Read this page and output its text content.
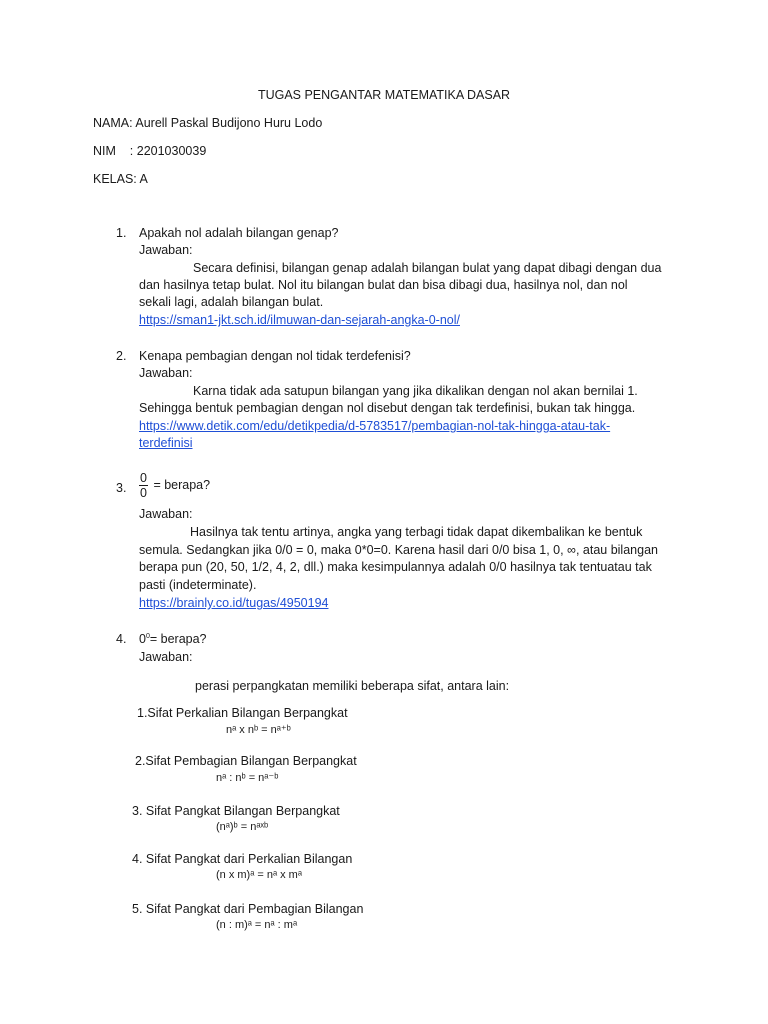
TUGAS PENGANTAR MATEMATIKA DASAR
NAMA: Aurell Paskal Budijono Huru Lodo
NIM    : 2201030039
KELAS: A
1. Apakah nol adalah bilangan genap?
Jawaban:
Secara definisi, bilangan genap adalah bilangan bulat yang dapat dibagi dengan dua
dan hasilnya tetap bulat. Nol itu bilangan bulat dan bisa dibagi dua, hasilnya nol, dan nol
sekali lagi, adalah bilangan bulat.
https://sman1-jkt.sch.id/ilmuwan-dan-sejarah-angka-0-nol/
2. Kenapa pembagian dengan nol tidak terdefenisi?
Jawaban:
Karna tidak ada satupun bilangan yang jika dikalikan dengan nol akan bernilai 1.
Sehingga bentuk pembagian dengan nol disebut dengan tak terdefinisi, bukan tak hingga.
https://www.detik.com/edu/detikpedia/d-5783517/pembagian-nol-tak-hingga-atau-tak-
terdefinisi
3. $\frac{0}{0}$ = berapa?
Jawaban:
Hasilnya tak tentu artinya, angka yang terbagi tidak dapat dikembalikan ke bentuk
semula. Sedangkan jika 0/0 = 0, maka 0*0=0. Karena hasil dari 0/0 bisa 1, 0, ∞, atau bilangan
berapa pun (20, 50, 1/2, 4, 2, dll.) maka kesimpulannya adalah 0/0 hasilnya tak tentuatau tak
pasti (indeterminate).
https://brainly.co.id/tugas/4950194
4. $0^0=$ berapa?
Jawaban:
perasi perpangkatan memiliki beberapa sifat, antara lain:
1.Sifat Perkalian Bilangan Berpangkat
nᵃ x nᵇ = nᵃ⁺ᵇ
2.Sifat Pembagian Bilangan Berpangkat
nᵃ : nᵇ = nᵃ⁻ᵇ
3. Sifat Pangkat Bilangan Berpangkat
(nᵃ)ᵇ = nᵃˣᵇ
4. Sifat Pangkat dari Perkalian Bilangan
(n x m)ᵃ = nᵃ x mᵃ
5. Sifat Pangkat dari Pembagian Bilangan
(n : m)ᵃ = nᵃ : mᵃ
